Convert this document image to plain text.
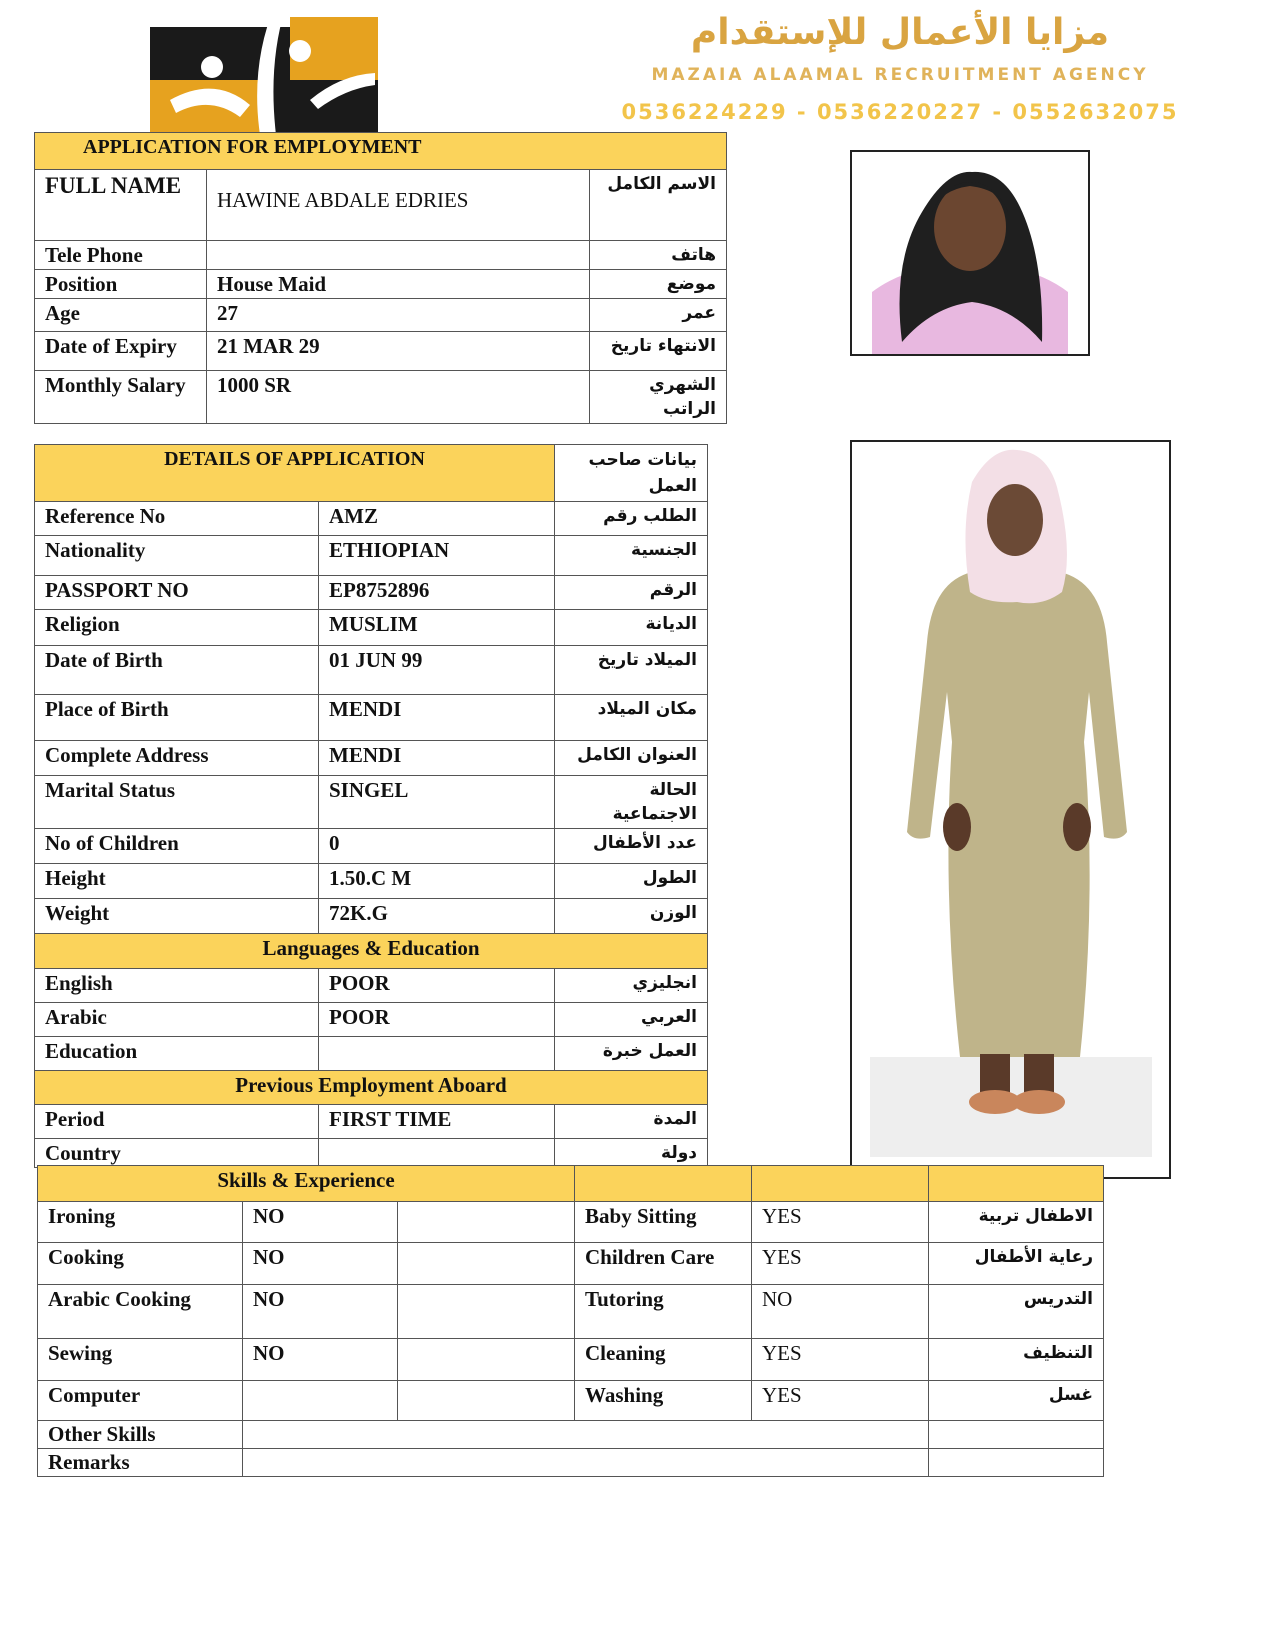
مزايا الأعمال للإستقدام
MAZAIA ALAAMAL RECRUITMENT AGENCY
0536224229 - 0536220227 - 0552632075
APPLICATION FOR EMPLOYMENT		
FULL NAME	HAWINE ABDALE EDRIES	الاسم الكامل
Tele Phone		هاتف
Position	House Maid	موضع
Age	27	عمر
Date of Expiry	21 MAR 29	الانتهاء تاريخ
Monthly Salary	1000 SR	الشهري الراتب
DETAILS OF APPLICATION		بيانات صاحب العمل
Reference No	AMZ	الطلب رقم
Nationality	ETHIOPIAN	الجنسية
PASSPORT NO	EP8752896	الرقم
Religion	MUSLIM	الديانة
Date of Birth	01 JUN 99	الميلاد تاريخ
Place of Birth	MENDI	مكان الميلاد
Complete Address	MENDI	العنوان الكامل
Marital Status	SINGEL	الحالة الاجتماعية
No of Children	0	عدد الأطفال
Height	1.50.C M	الطول
Weight	72K.G	الوزن
Languages & Education		
English	POOR	انجليزي
Arabic	POOR	العربي
Education		العمل خبرة
Previous Employment Aboard		
Period	FIRST TIME	المدة
Country		دولة
Skills & Experience					
Ironing	NO		Baby Sitting	YES	الاطفال تربية
Cooking	NO		Children Care	YES	رعاية الأطفال
Arabic Cooking	NO		Tutoring	NO	التدريس
Sewing	NO		Cleaning	YES	التنظيف
Computer			Washing	YES	غسل
Other Skills					
Remarks					
